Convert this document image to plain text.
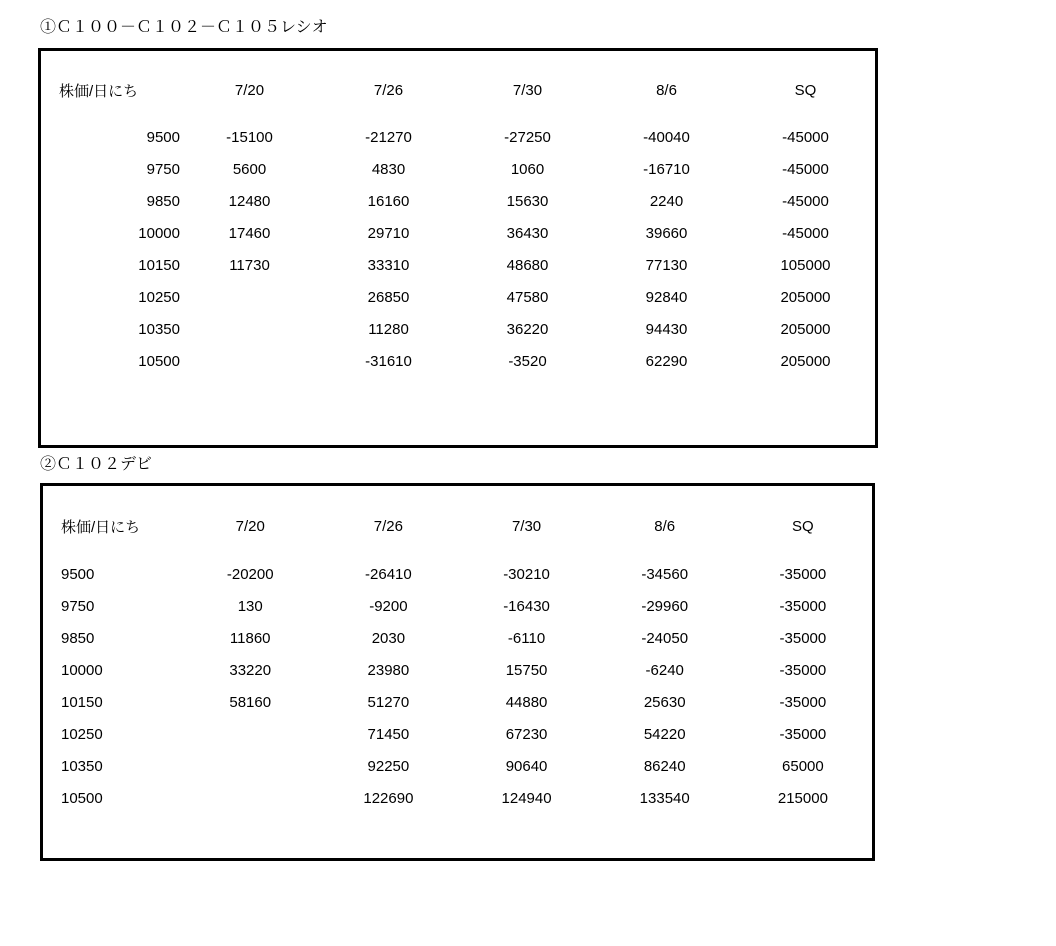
①Ｃ１００－Ｃ１０２－Ｃ１０５レシオ
株価/日にち	7/20	7/26	7/30	8/6	SQ

9500	-15100	-21270	-27250	-40040	-45000
9750	5600	4830	1060	-16710	-45000
9850	12480	16160	15630	2240	-45000
10000	17460	29710	36430	39660	-45000
10150	11730	33310	48680	77130	105000
10250		26850	47580	92840	205000
10350		11280	36220	94430	205000
10500		-31610	-3520	62290	205000
②Ｃ１０２デビ
株価/日にち	7/20	7/26	7/30	8/6	SQ

9500	-20200	-26410	-30210	-34560	-35000
9750	130	-9200	-16430	-29960	-35000
9850	11860	2030	-6110	-24050	-35000
10000	33220	23980	15750	-6240	-35000
10150	58160	51270	44880	25630	-35000
10250		71450	67230	54220	-35000
10350		92250	90640	86240	65000
10500		122690	124940	133540	215000
